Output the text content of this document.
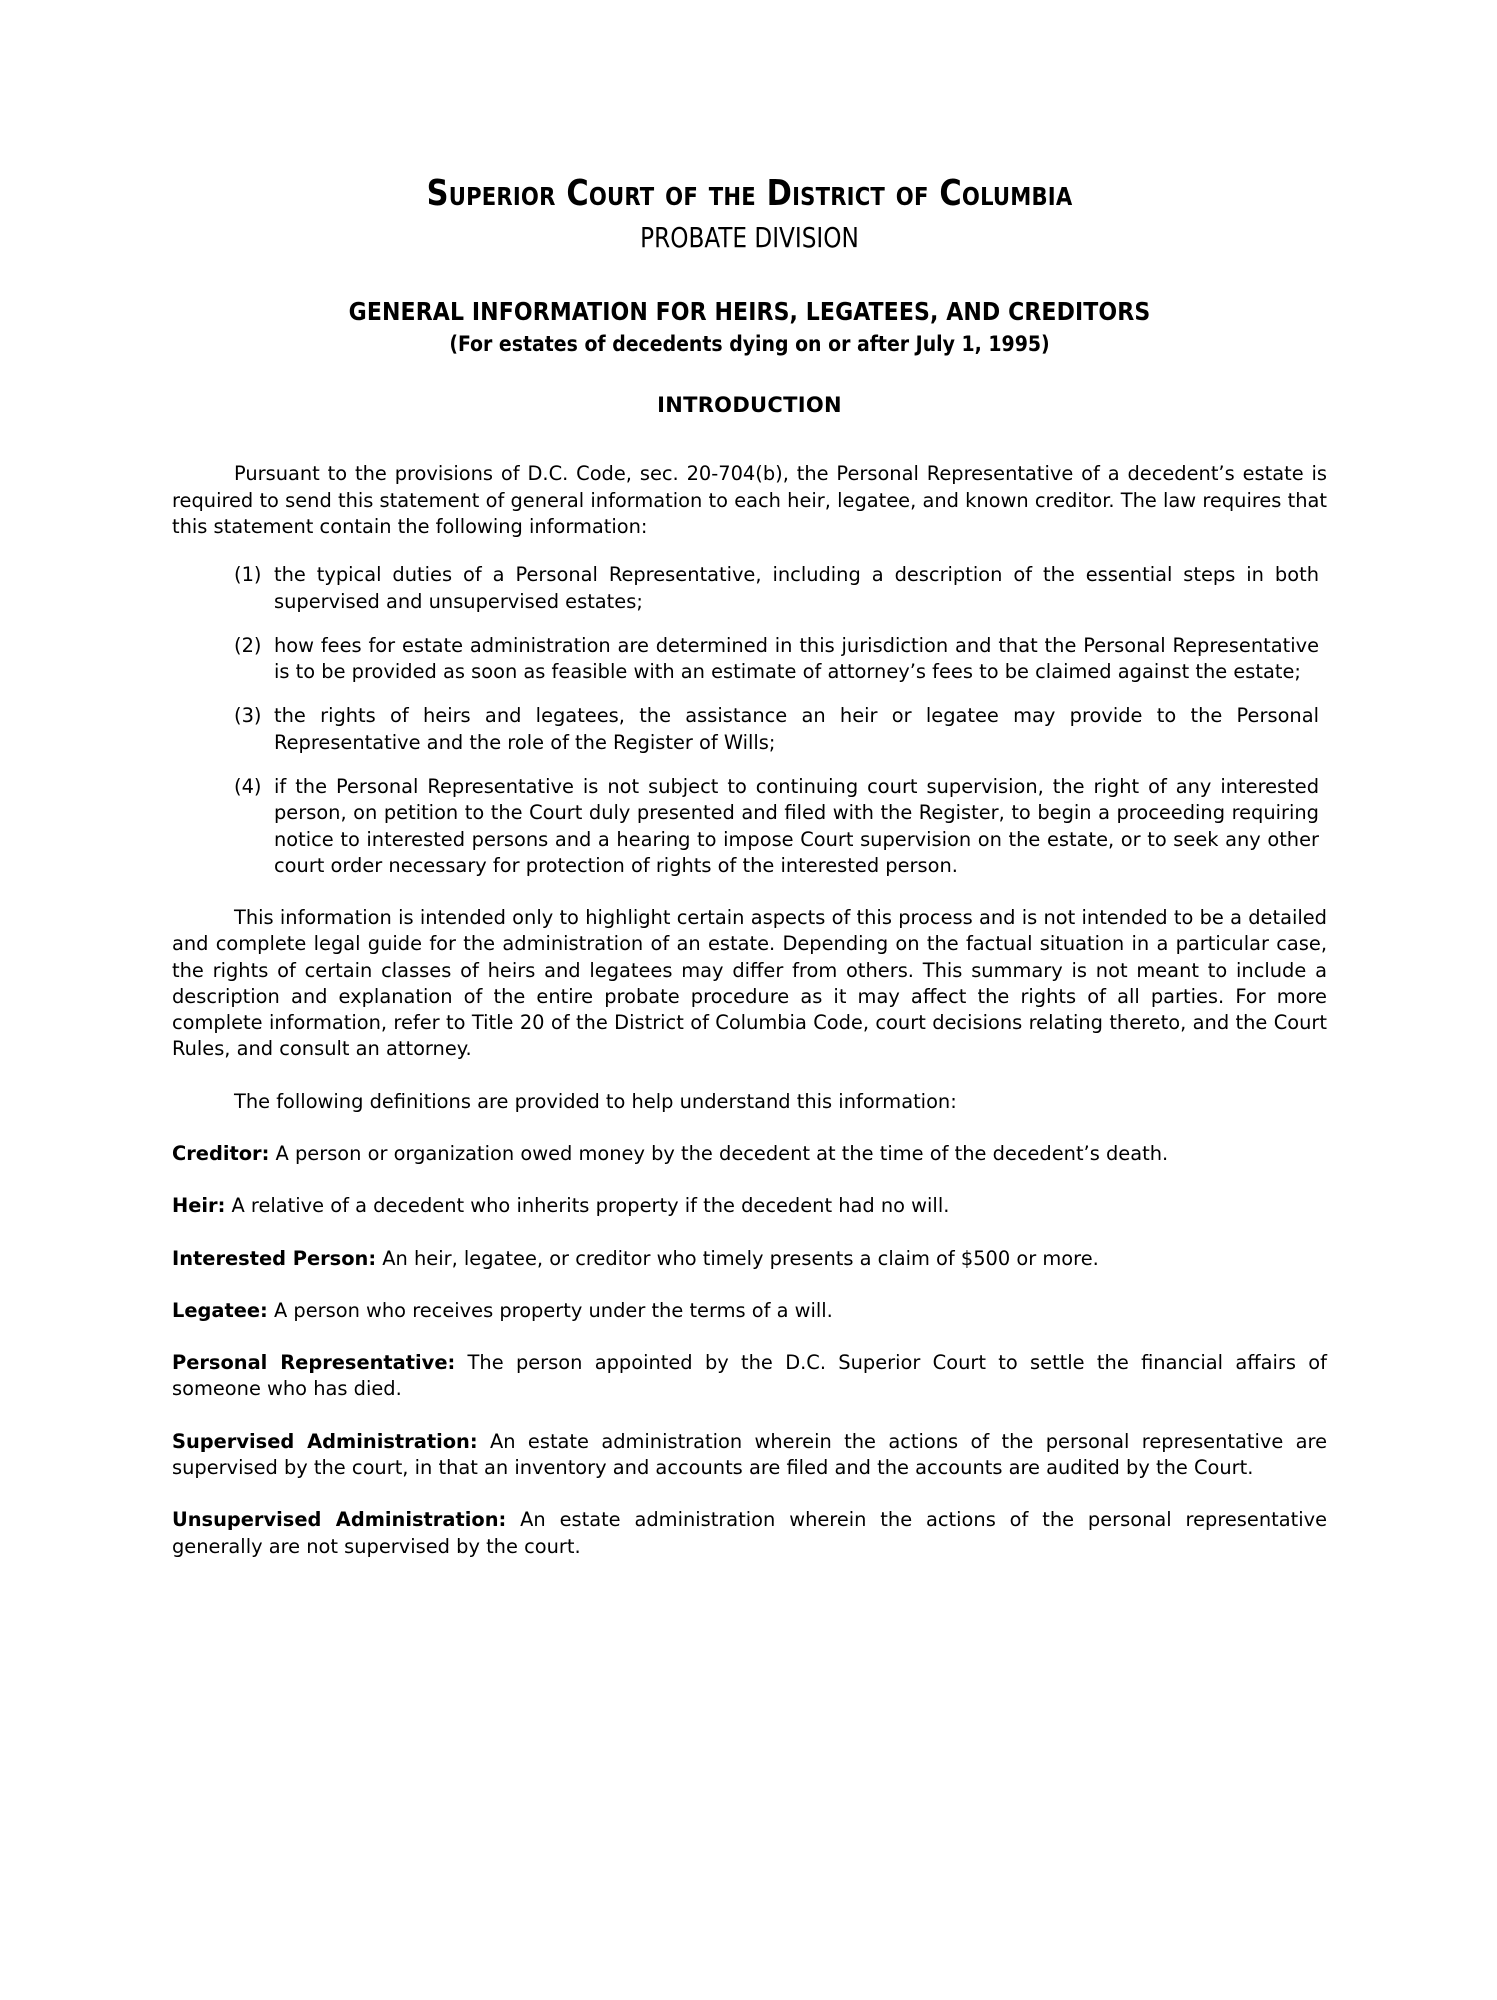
Superior Court of the District of Columbia
PROBATE DIVISION
GENERAL INFORMATION FOR HEIRS, LEGATEES, AND CREDITORS
(For estates of decedents dying on or after July 1, 1995)
INTRODUCTION

Pursuant to the provisions of D.C. Code, sec. 20-704(b), the Personal Representative of a decedent’s estate is required to send this statement of general information to each heir, legatee, and known creditor. The law requires that this statement contain the following information:

(1) the typical duties of a Personal Representative, including a description of the essential steps in both supervised and unsupervised estates;
(2) how fees for estate administration are determined in this jurisdiction and that the Personal Representative is to be provided as soon as feasible with an estimate of attorney’s fees to be claimed against the estate;
(3) the rights of heirs and legatees, the assistance an heir or legatee may provide to the Personal Representative and the role of the Register of Wills;
(4) if the Personal Representative is not subject to continuing court supervision, the right of any interested person, on petition to the Court duly presented and filed with the Register, to begin a proceeding requiring notice to interested persons and a hearing to impose Court supervision on the estate, or to seek any other court order necessary for protection of rights of the interested person.

This information is intended only to highlight certain aspects of this process and is not intended to be a detailed and complete legal guide for the administration of an estate. Depending on the factual situation in a particular case, the rights of certain classes of heirs and legatees may differ from others. This summary is not meant to include a description and explanation of the entire probate procedure as it may affect the rights of all parties. For more complete information, refer to Title 20 of the District of Columbia Code, court decisions relating thereto, and the Court Rules, and consult an attorney.

The following definitions are provided to help understand this information:

Creditor: A person or organization owed money by the decedent at the time of the decedent’s death.

Heir: A relative of a decedent who inherits property if the decedent had no will.

Interested Person: An heir, legatee, or creditor who timely presents a claim of $500 or more.

Legatee: A person who receives property under the terms of a will.

Personal Representative: The person appointed by the D.C. Superior Court to settle the financial affairs of someone who has died.

Supervised Administration: An estate administration wherein the actions of the personal representative are supervised by the court, in that an inventory and accounts are filed and the accounts are audited by the Court.

Unsupervised Administration: An estate administration wherein the actions of the personal representative generally are not supervised by the court.
